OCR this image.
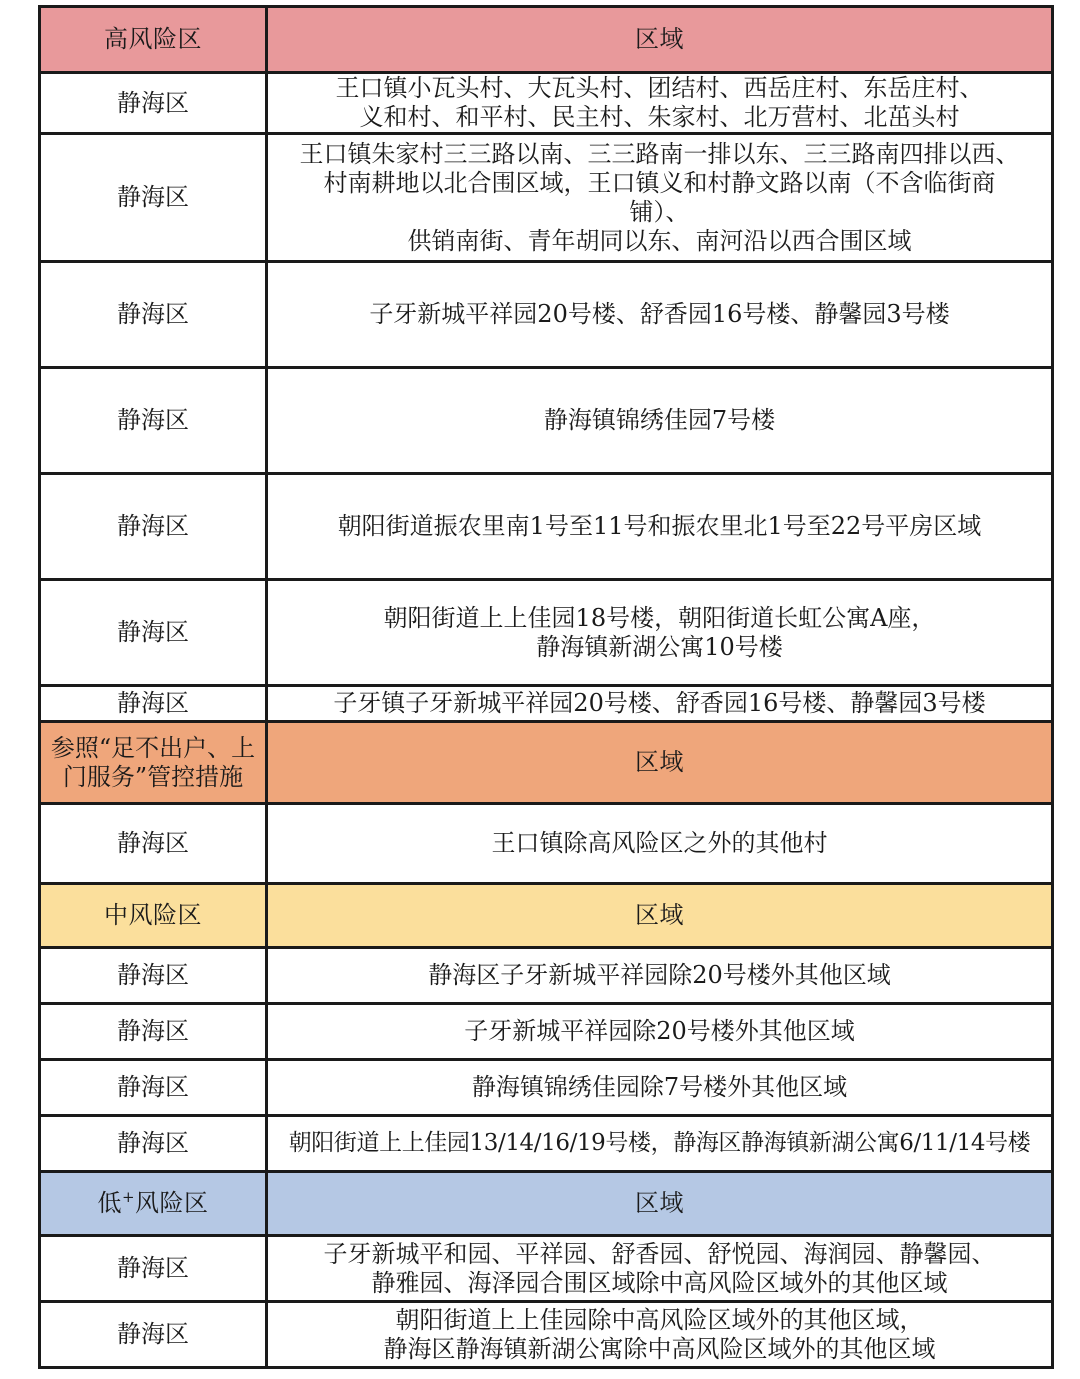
高风险区	区域
静海区	王口镇小瓦头村、大瓦头村、团结村、西岳庄村、东岳庄村、
义和村、和平村、民主村、朱家村、北万营村、北茁头村
静海区	王口镇朱家村三三路以南、三三路南一排以东、三三路南四排以西、
村南耕地以北合围区域，王口镇义和村静文路以南（不含临街商
铺）、
供销南街、青年胡同以东、南河沿以西合围区域
静海区	子牙新城平祥园20号楼、舒香园16号楼、静馨园3号楼
静海区	静海镇锦绣佳园7号楼
静海区	朝阳街道振农里南1号至11号和振农里北1号至22号平房区域
静海区	朝阳街道上上佳园18号楼，朝阳街道长虹公寓A座，
静海镇新湖公寓10号楼
静海区	子牙镇子牙新城平祥园20号楼、舒香园16号楼、静馨园3号楼
参照“足不出户、上
门服务”管控措施	区域
静海区	王口镇除高风险区之外的其他村
中风险区	区域
静海区	静海区子牙新城平祥园除20号楼外其他区域
静海区	子牙新城平祥园除20号楼外其他区域
静海区	静海镇锦绣佳园除7号楼外其他区域
静海区	朝阳街道上上佳园13/14/16/19号楼，静海区静海镇新湖公寓6/11/14号楼
低+风险区	区域
静海区	子牙新城平和园、平祥园、舒香园、舒悦园、海润园、静馨园、
静雅园、海泽园合围区域除中高风险区域外的其他区域
静海区	朝阳街道上上佳园除中高风险区域外的其他区域，
静海区静海镇新湖公寓除中高风险区域外的其他区域
